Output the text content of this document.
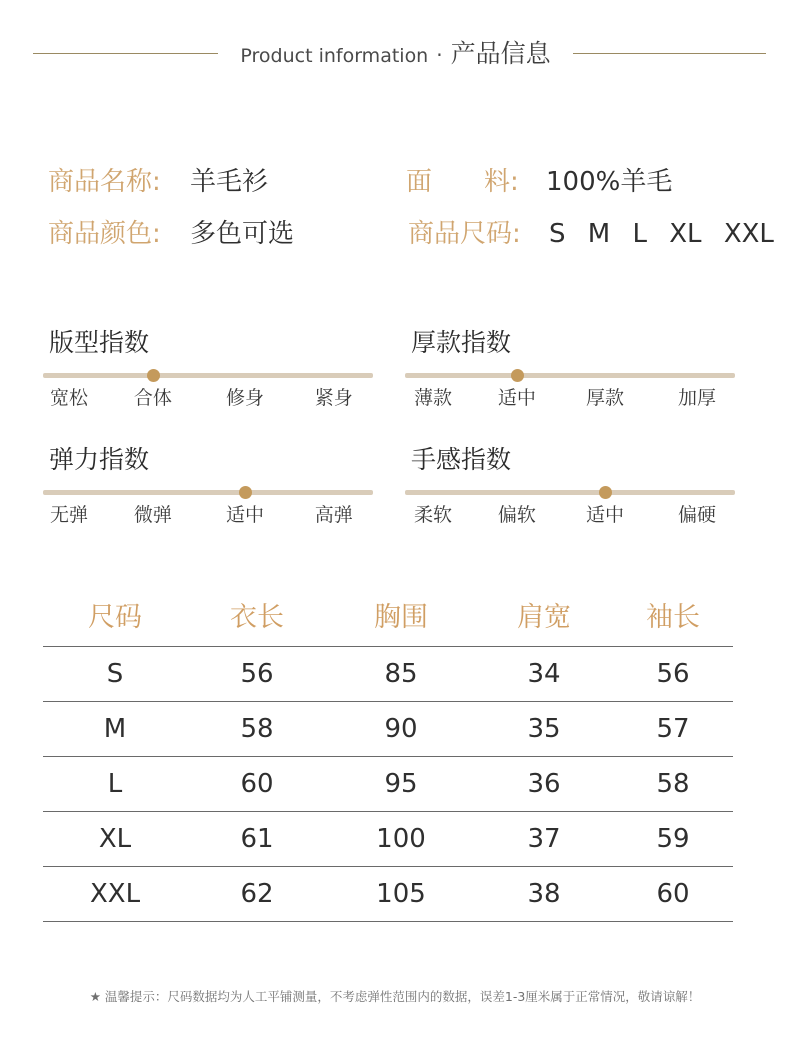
Product information · 产品信息
商品名称: 羊毛衫	面　　料: 100%羊毛
商品颜色: 多色可选	商品尺码: S M L XL XXL
版型指数
宽松 合体	修身	紧身
厚款指数
薄款 适中	厚款	加厚
弹力指数
无弹 微弹	适中	高弹
手感指数
柔软 偏软	适中	偏硬
尺码	衣长	胸围	肩宽	袖长
S	56	85	34	56
M	58	90	35	57
L	60	95	36	58
XL	61	100	37	59
XXL	62	105	38	60
★ 温馨提示：尺码数据均为人工平铺测量，不考虑弹性范围内的数据，误差1-3厘米属于正常情况，敬请谅解！
